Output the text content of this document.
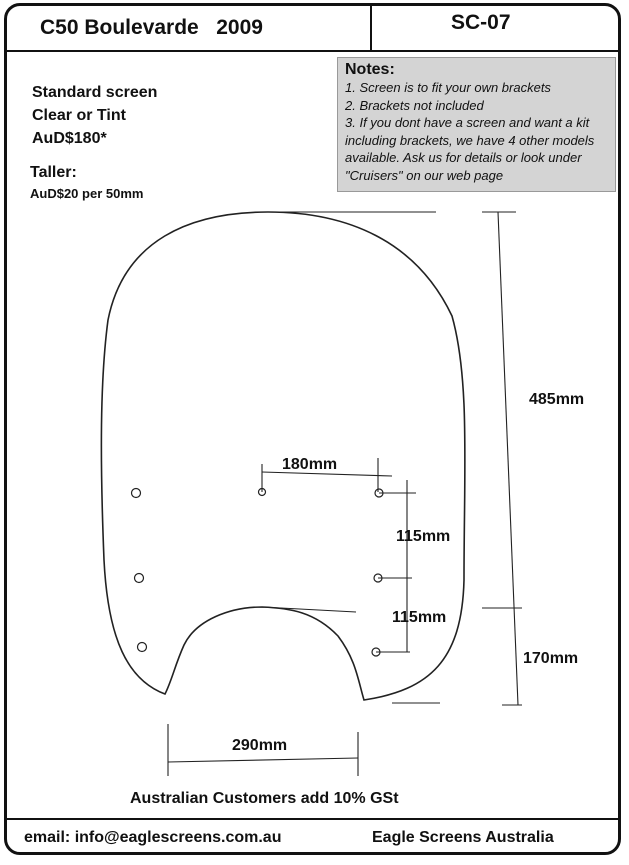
C50 Boulevarde   2009	SC-07
Standard screen
Clear or Tint
AuD$180*
Taller:
AuD$20 per 50mm
Notes:
1. Screen is to fit your own brackets
2. Brackets not included
3. If you dont have a screen and want a kit
including brackets, we have 4 other models
available. Ask us for details or look under
"Cruisers" on our web page
485mm
180mm
115mm
115mm
170mm
290mm
Australian Customers add 10% GSt
email: info@eaglescreens.com.au	Eagle Screens Australia
